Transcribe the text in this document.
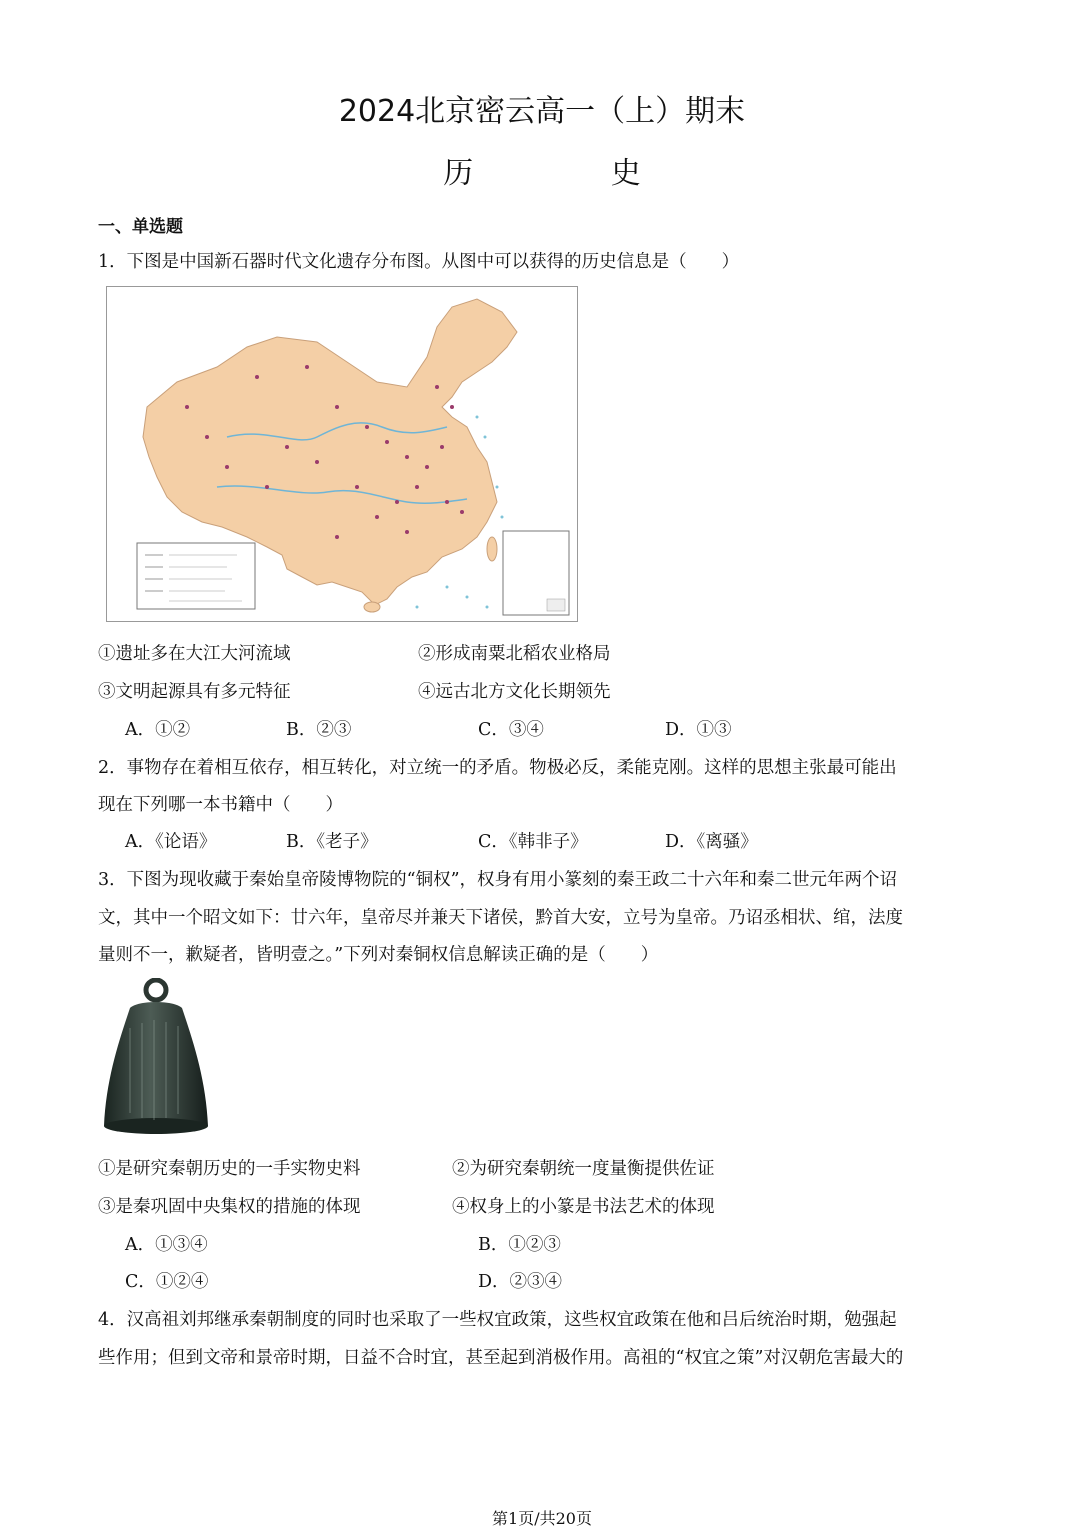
2024北京密云高一（上）期末
历 史
一、单选题
1．下图是中国新石器时代文化遗存分布图。从图中可以获得的历史信息是（　　）
①遗址多在大江大河流域	②形成南粟北稻农业格局
③文明起源具有多元特征	④远古北方文化长期领先
A．①②	B．②③	C．③④	D．①③
2．事物存在着相互依存，相互转化，对立统一的矛盾。物极必反，柔能克刚。这样的思想主张最可能出
现在下列哪一本书籍中（　　）
A．《论语》	B．《老子》	C．《韩非子》	D．《离骚》
3．下图为现收藏于秦始皇帝陵博物院的“铜权”，权身有用小篆刻的秦王政二十六年和秦二世元年两个诏
文，其中一个昭文如下：廿六年，皇帝尽并兼天下诸侯，黔首大安，立号为皇帝。乃诏丞相状、绾，法度
量则不一，歉疑者，皆明壹之。”下列对秦铜权信息解读正确的是（　　）
①是研究秦朝历史的一手实物史料	②为研究秦朝统一度量衡提供佐证
③是秦巩固中央集权的措施的体现	④权身上的小篆是书法艺术的体现
A．①③④	B．①②③
C．①②④	D．②③④
4．汉高祖刘邦继承秦朝制度的同时也采取了一些权宜政策，这些权宜政策在他和吕后统治时期，勉强起
些作用；但到文帝和景帝时期，日益不合时宜，甚至起到消极作用。高祖的“权宜之策”对汉朝危害最大的
第1页/共20页
